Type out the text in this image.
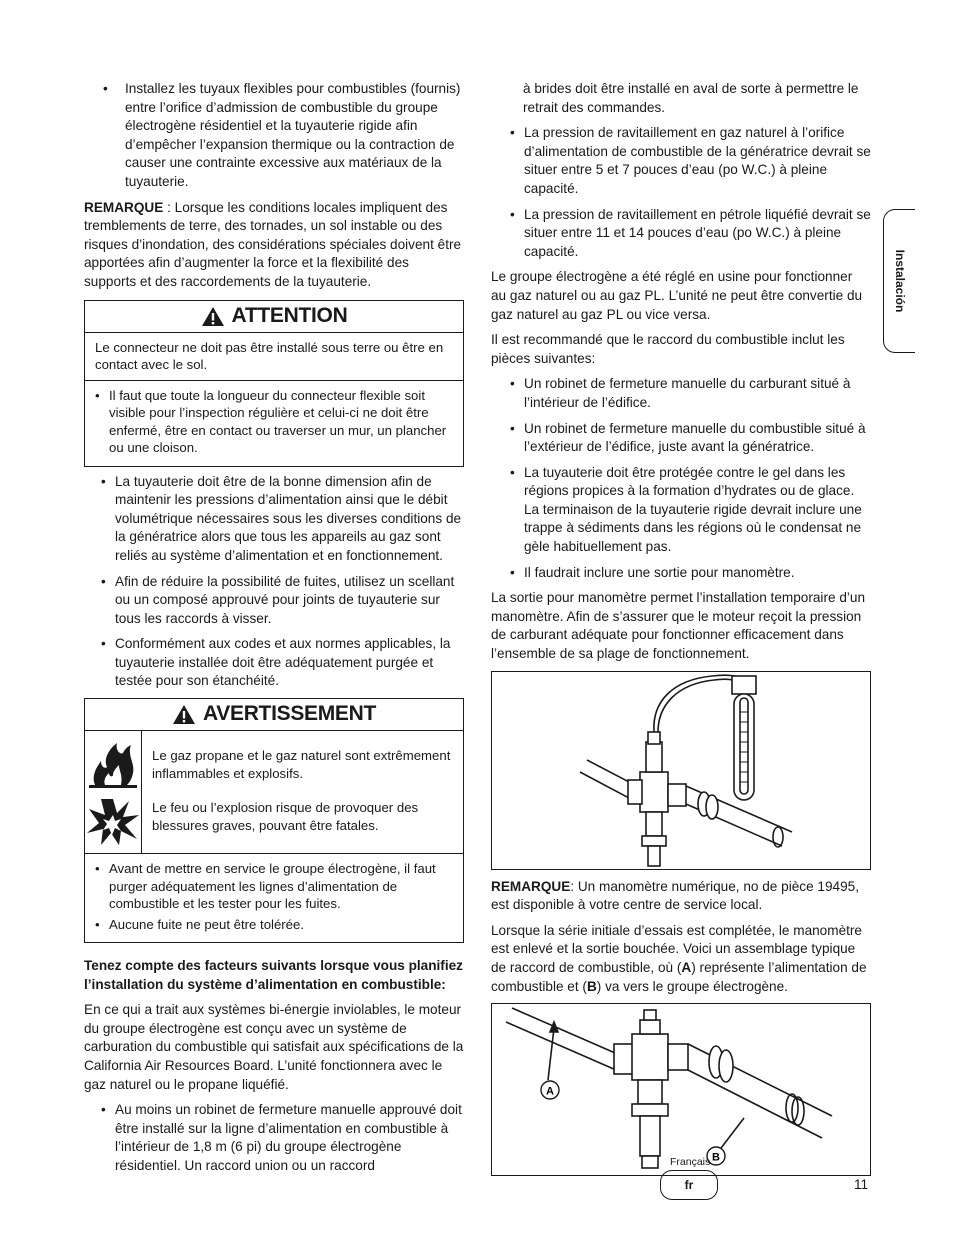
Instalación
• Installez les tuyaux flexibles pour combustibles (fournis) entre l’orifice d’admission de combustible du groupe électrogène résidentiel et la tuyauterie rigide afin d’empêcher l’expansion thermique ou la contraction de causer une contrainte excessive aux matériaux de la tuyauterie.

REMARQUE : Lorsque les conditions locales impliquent des tremblements de terre, des tornades, un sol instable ou des risques d’inondation, des considérations spéciales doivent être apportées afin d’augmenter la force et la flexibilité des supports et des raccordements de la tuyauterie.

ATTENTION
Le connecteur ne doit pas être installé sous terre ou être en contact avec le sol.
• Il faut que toute la longueur du connecteur flexible soit visible pour l’inspection régulière et celui-ci ne doit être enfermé, être en contact ou traverser un mur, un plancher ou une cloison.
• La tuyauterie doit être de la bonne dimension afin de maintenir les pressions d’alimentation ainsi que le débit volumétrique nécessaires sous les diverses conditions de la génératrice alors que tous les appareils au gaz sont reliés au système d’alimentation et en fonctionnement.
• Afin de réduire la possibilité de fuites, utilisez un scellant ou un composé approuvé pour joints de tuyauterie sur tous les raccords à visser.
• Conformément aux codes et aux normes applicables, la tuyauterie installée doit être adéquatement purgée et testée pour son étanchéité.
AVERTISSEMENT
Le gaz propane et le gaz naturel sont extrêmement inflammables et explosifs.
Le feu ou l’explosion risque de provoquer des blessures graves, pouvant être fatales.
• Avant de mettre en service le groupe électrogène, il faut purger adéquatement les lignes d’alimentation de combustible et les tester pour les fuites.
• Aucune fuite ne peut être tolérée.

Tenez compte des facteurs suivants lorsque vous planifiez l’installation du système d’alimentation en combustible:

En ce qui a trait aux systèmes bi-énergie inviolables, le moteur du groupe électrogène est conçu avec un système de carburation du combustible qui satisfait aux spécifications de la California Air Resources Board. L’unité fonctionnera avec le gaz naturel ou le propane liquéfié.

• Au moins un robinet de fermeture manuelle approuvé doit être installé sur la ligne d’alimentation en combustible à l’intérieur de 1,8 m (6 pi) du groupe électrogène résidentiel. Un raccord union ou un raccord

à brides doit être installé en aval de sorte à permettre le retrait des commandes.

• La pression de ravitaillement en gaz naturel à l’orifice d’alimentation de combustible de la génératrice devrait se situer entre 5 et 7 pouces d’eau (po W.C.) à pleine capacité.
• La pression de ravitaillement en pétrole liquéfié devrait se situer entre 11 et 14 pouces d’eau (po W.C.) à pleine capacité.

Le groupe électrogène a été réglé en usine pour fonctionner au gaz naturel ou au gaz PL. L’unité ne peut être convertie du gaz naturel au gaz PL ou vice versa.

Il est recommandé que le raccord du combustible inclut les pièces suivantes:

• Un robinet de fermeture manuelle du carburant situé à l’intérieur de l’édifice.
• Un robinet de fermeture manuelle du combustible situé à l’extérieur de l’édifice, juste avant la génératrice.
• La tuyauterie doit être protégée contre le gel dans les régions propices à la formation d’hydrates ou de glace. La terminaison de la tuyauterie rigide devrait inclure une trappe à sédiments dans les régions où le condensat ne gèle habituellement pas.
• Il faudrait inclure une sortie pour manomètre.

La sortie pour manomètre permet l’installation temporaire d’un manomètre. Afin de s’assurer que le moteur reçoit la pression de carburant adéquate pour fonctionner efficacement dans l’ensemble de sa plage de fonctionnement.

REMARQUE: Un manomètre numérique, no de pièce 19495, est disponible à votre centre de service local.

Lorsque la série initiale d’essais est complétée, le manomètre est enlevé et la sortie bouchée. Voici un assemblage typique de raccord de combustible, où (A) représente l’alimentation de combustible et (B) va vers le groupe électrogène.

A
B
Français
fr	11
